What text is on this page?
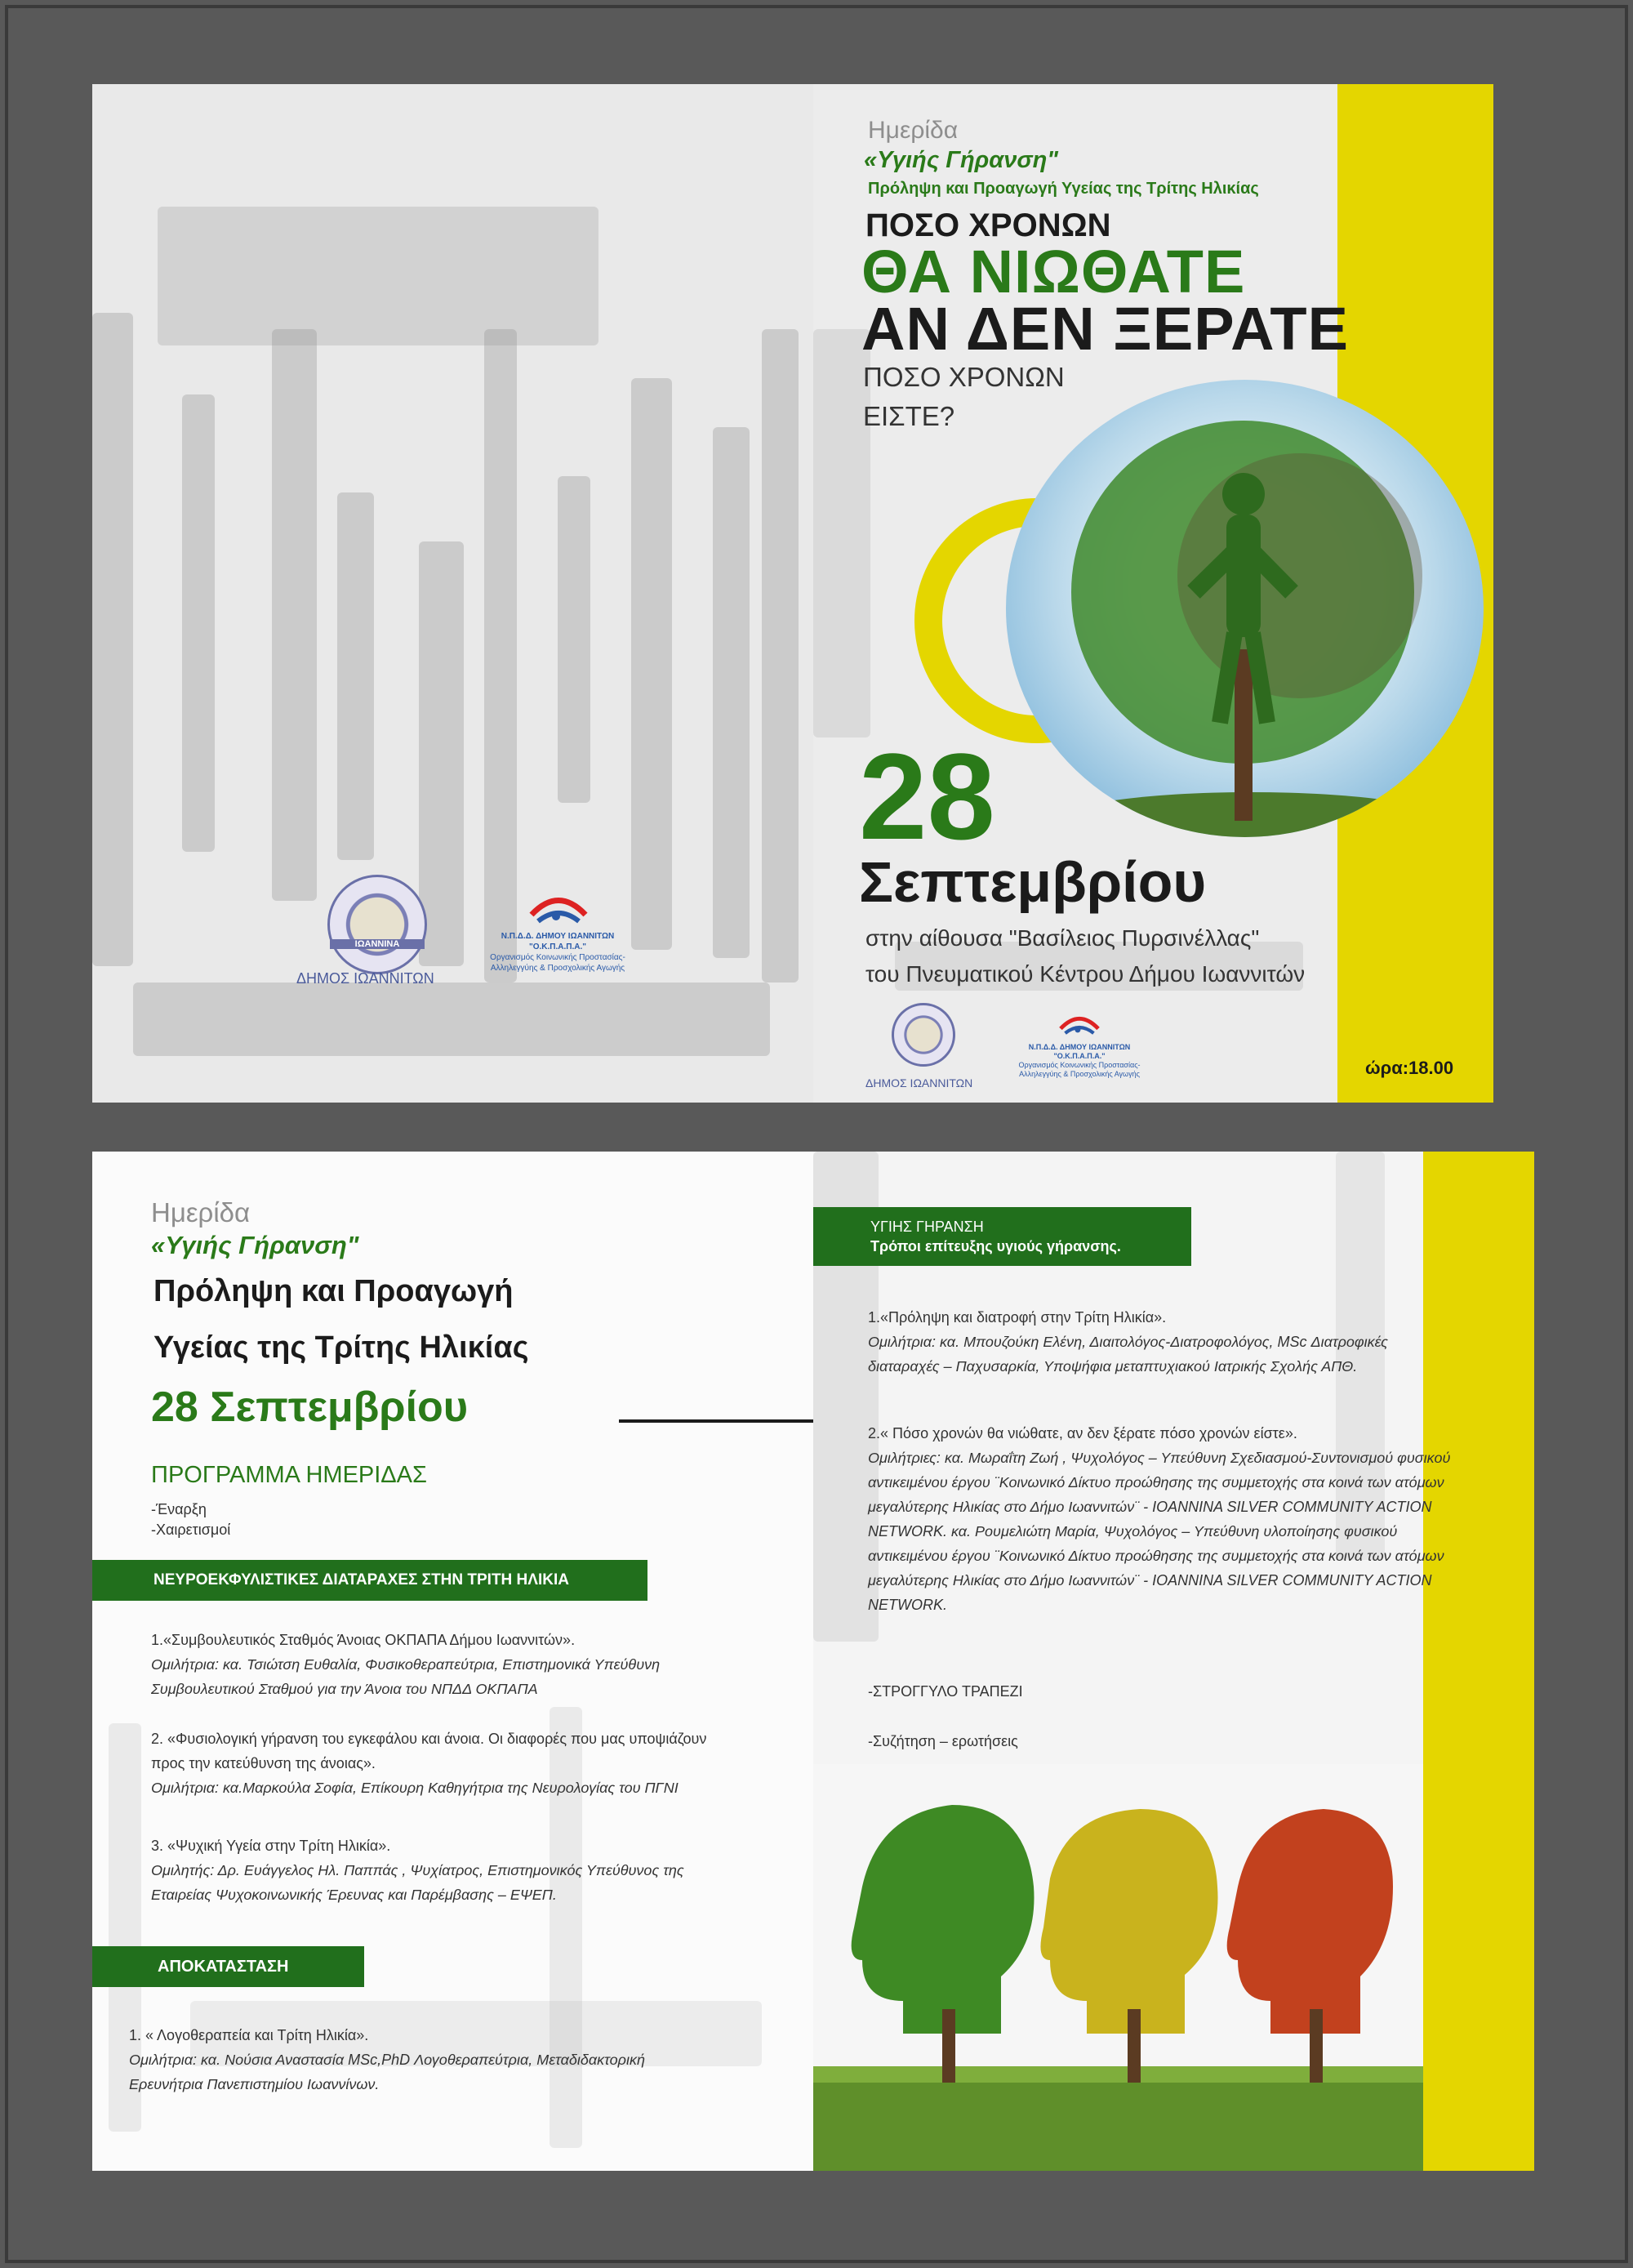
ΙΩΑΝΝΙΝΑ
ΔΗΜΟΣ ΙΩΑΝΝΙΤΩΝ
Ν.Π.Δ.Δ. ΔΗΜΟΥ ΙΩΑΝΝΙΤΩΝ
"Ο.Κ.Π.Α.Π.Α."
Οργανισμός Κοινωνικής Προστασίας-
Αλληλεγγύης & Προσχολικής Αγωγής
Ημερίδα
«Υγιής Γήρανση"
Πρόληψη και Προαγωγή Υγείας της Τρίτης Ηλικίας
ΠΟΣΟ ΧΡΟΝΩΝ
ΘΑ ΝΙΩΘΑΤΕ
ΑΝ ΔΕΝ ΞΕΡΑΤΕ
ΠΟΣΟ ΧΡΟΝΩΝ
ΕΙΣΤΕ?
28
Σεπτεμβρίου
στην αίθουσα "Βασίλειος Πυρσινέλλας"
του Πνευματικού Κέντρου Δήμου Ιωαννιτών
ΔΗΜΟΣ ΙΩΑΝΝΙΤΩΝ
Ν.Π.Δ.Δ. ΔΗΜΟΥ ΙΩΑΝΝΙΤΩΝ
"Ο.Κ.Π.Α.Π.Α."
Οργανισμός Κοινωνικής Προστασίας-
Αλληλεγγύης & Προσχολικής Αγωγής	ώρα:18.00
Ημερίδα
«Υγιής Γήρανση"
Πρόληψη και Προαγωγή
Υγείας της Τρίτης Ηλικίας
28 Σεπτεμβρίου
ΠΡΟΓΡΑΜΜΑ ΗΜΕΡΙΔΑΣ
-Έναρξη
-Χαιρετισμοί
ΝΕΥΡΟΕΚΦΥΛΙΣΤΙΚΕΣ ΔΙΑΤΑΡΑΧΕΣ ΣΤΗΝ ΤΡΙΤΗ ΗΛΙΚΙΑ
1.«Συμβουλευτικός Σταθμός Άνοιας ΟΚΠΑΠΑ Δήμου Ιωαννιτών».
Ομιλήτρια: κα. Τσιώτση Ευθαλία, Φυσικοθεραπεύτρια, Επιστημονικά Υπεύθυνη Συμβουλευτικού Σταθμού για την Άνοια του ΝΠΔΔ ΟΚΠΑΠΑ
2. «Φυσιολογική γήρανση του εγκεφάλου και άνοια. Οι διαφορές που μας υποψιάζουν προς την κατεύθυνση της άνοιας».
Ομιλήτρια: κα.Μαρκούλα Σοφία, Επίκουρη Καθηγήτρια της Νευρολογίας του ΠΓΝΙ
3. «Ψυχική Υγεία στην Τρίτη Ηλικία».
Ομιλητής: Δρ. Ευάγγελος Ηλ. Παππάς , Ψυχίατρος, Επιστημονικός Υπεύθυνος της Εταιρείας Ψυχοκοινωνικής Έρευνας και Παρέμβασης – ΕΨΕΠ.
ΑΠΟΚΑΤΑΣΤΑΣΗ
1. « Λογοθεραπεία και Τρίτη Ηλικία».
Ομιλήτρια: κα. Νούσια Αναστασία MSc,PhD Λογοθεραπεύτρια, Μεταδιδακτορική Ερευνήτρια Πανεπιστημίου Ιωαννίνων.
ΥΓΙΗΣ ΓΗΡΑΝΣΗ
Τρόποι επίτευξης υγιούς γήρανσης.
1.«Πρόληψη και διατροφή στην Τρίτη Ηλικία».
Ομιλήτρια: κα. Μπουζούκη Ελένη, Διαιτολόγος-Διατροφολόγος, MSc Διατροφικές διαταραχές – Παχυσαρκία, Υποψήφια μεταπτυχιακού Ιατρικής Σχολής ΑΠΘ.
2.« Πόσο χρονών θα νιώθατε, αν δεν ξέρατε πόσο χρονών είστε».
Ομιλήτριες: κα. Μωραΐτη Ζωή , Ψυχολόγος – Υπεύθυνη Σχεδιασμού-Συντονισμού φυσικού αντικειμένου έργου ¨Κοινωνικό Δίκτυο προώθησης της συμμετοχής στα κοινά των ατόμων μεγαλύτερης Ηλικίας στο Δήμο Ιωαννιτών¨ - IOANNINA SILVER COMMUNITY ACTION NETWORK. κα. Ρουμελιώτη Μαρία, Ψυχολόγος – Υπεύθυνη υλοποίησης φυσικού αντικειμένου έργου ¨Κοινωνικό Δίκτυο προώθησης της συμμετοχής στα κοινά των ατόμων μεγαλύτερης Ηλικίας στο Δήμο Ιωαννιτών¨ - IOANNINA SILVER COMMUNITY ACTION NETWORK.
-ΣΤΡΟΓΓΥΛΟ ΤΡΑΠΕΖΙ
-Συζήτηση – ερωτήσεις
